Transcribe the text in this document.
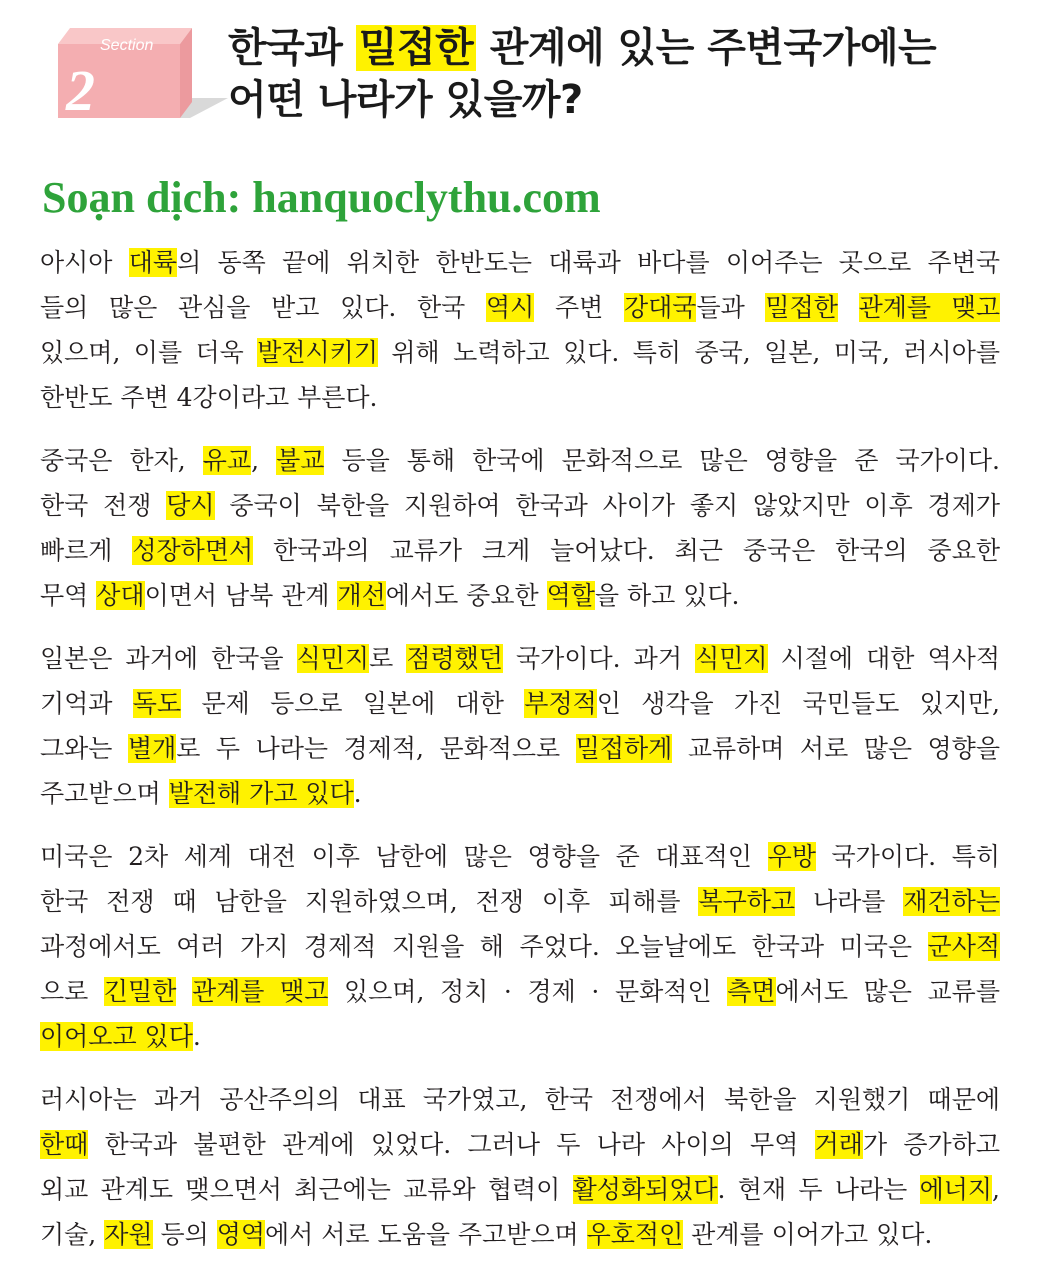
Section
2
한국과 밀접한 관계에 있는 주변국가에는
어떤 나라가 있을까?
Soạn dịch: hanquoclythu.com
아시아 대륙의 동쪽 끝에 위치한 한반도는 대륙과 바다를 이어주는 곳으로 주변국
들의 많은 관심을 받고 있다. 한국 역시 주변 강대국들과 밀접한 관계를 맺고
있으며, 이를 더욱 발전시키기 위해 노력하고 있다. 특히 중국, 일본, 미국, 러시아를
한반도 주변 4강이라고 부른다.
중국은 한자, 유교, 불교 등을 통해 한국에 문화적으로 많은 영향을 준 국가이다.
한국 전쟁 당시 중국이 북한을 지원하여 한국과 사이가 좋지 않았지만 이후 경제가
빠르게 성장하면서 한국과의 교류가 크게 늘어났다. 최근 중국은 한국의 중요한
무역 상대이면서 남북 관계 개선에서도 중요한 역할을 하고 있다.
일본은 과거에 한국을 식민지로 점령했던 국가이다. 과거 식민지 시절에 대한 역사적
기억과 독도 문제 등으로 일본에 대한 부정적인 생각을 가진 국민들도 있지만,
그와는 별개로 두 나라는 경제적, 문화적으로 밀접하게 교류하며 서로 많은 영향을
주고받으며 발전해 가고 있다.
미국은 2차 세계 대전 이후 남한에 많은 영향을 준 대표적인 우방 국가이다. 특히
한국 전쟁 때 남한을 지원하였으며, 전쟁 이후 피해를 복구하고 나라를 재건하는
과정에서도 여러 가지 경제적 지원을 해 주었다. 오늘날에도 한국과 미국은 군사적
으로 긴밀한 관계를 맺고 있으며, 정치 · 경제 · 문화적인 측면에서도 많은 교류를
이어오고 있다.
러시아는 과거 공산주의의 대표 국가였고, 한국 전쟁에서 북한을 지원했기 때문에
한때 한국과 불편한 관계에 있었다. 그러나 두 나라 사이의 무역 거래가 증가하고
외교 관계도 맺으면서 최근에는 교류와 협력이 활성화되었다. 현재 두 나라는 에너지,
기술, 자원 등의 영역에서 서로 도움을 주고받으며 우호적인 관계를 이어가고 있다.
